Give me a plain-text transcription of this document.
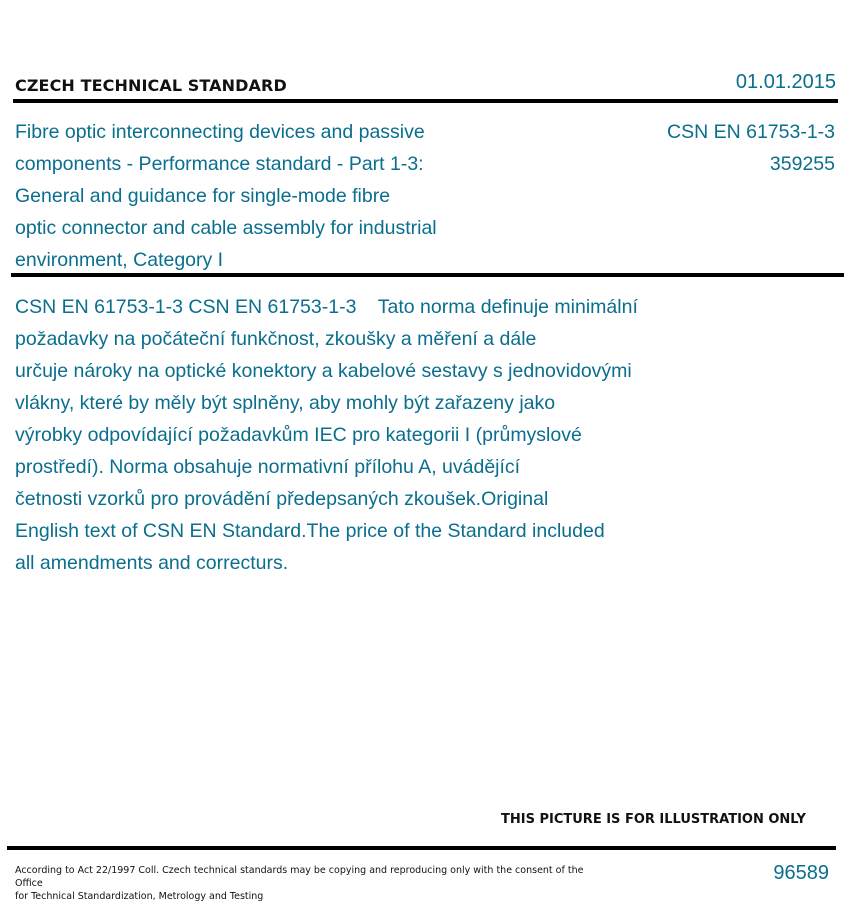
CZECH TECHNICAL STANDARD	01.01.2015
Fibre optic interconnecting devices and passive
components - Performance standard - Part 1-3:
General and guidance for single-mode fibre
optic connector and cable assembly for industrial
environment, Category I
CSN EN 61753-1-3
359255
CSN EN 61753-1-3 CSN EN 61753-1-3    Tato norma definuje minimální
požadavky na počáteční funkčnost, zkoušky a měření a dále
určuje nároky na optické konektory a kabelové sestavy s jednovidovými
vlákny, které by měly být splněny, aby mohly být zařazeny jako
výrobky odpovídající požadavkům IEC pro kategorii I (průmyslové
prostředí). Norma obsahuje normativní přílohu A, uvádějící
četnosti vzorků pro provádění předepsaných zkoušek.Original
English text of CSN EN Standard.The price of the Standard included
all amendments and correcturs.
THIS PICTURE IS FOR ILLUSTRATION ONLY
According to Act 22/1997 Coll. Czech technical standards may be copying and reproducing only with the consent of the Office
for Technical Standardization, Metrology and Testing
96589
